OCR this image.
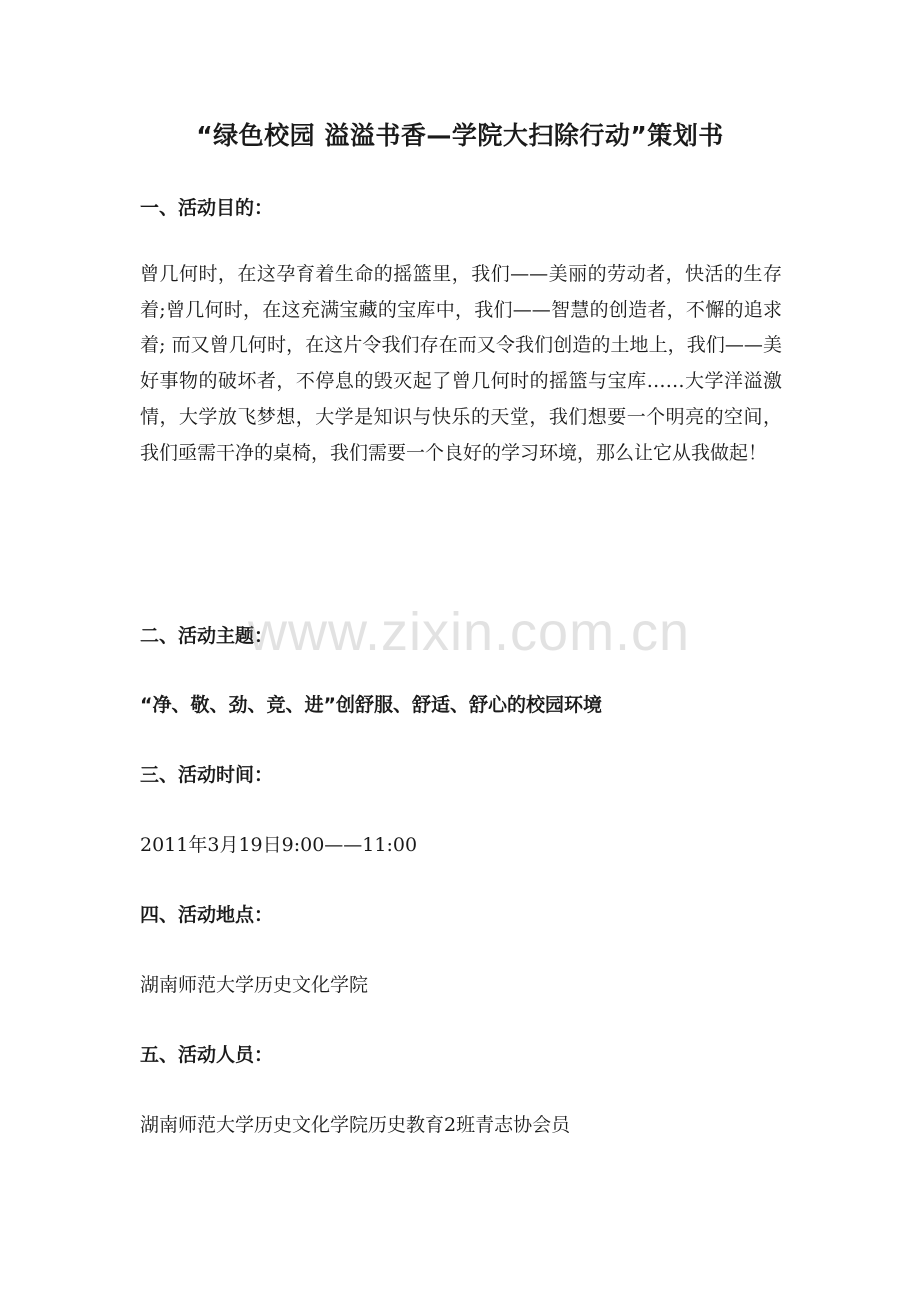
“绿色校园 溢溢书香—学院大扫除行动”策划书
一、活动目的：
曾几何时，在这孕育着生命的摇篮里，我们——美丽的劳动者，快活的生存着;曾几何时，在这充满宝藏的宝库中，我们——智慧的创造者，不懈的追求着; 而又曾几何时，在这片令我们存在而又令我们创造的土地上，我们——美好事物的破坏者，不停息的毁灭起了曾几何时的摇篮与宝库……大学洋溢激情，大学放飞梦想，大学是知识与快乐的天堂，我们想要一个明亮的空间，我们亟需干净的桌椅，我们需要一个良好的学习环境，那么让它从我做起！
二、活动主题：
“净、敬、劲、竞、进”创舒服、舒适、舒心的校园环境
三、活动时间：
2011年3月19日9:00——11:00
四、活动地点：
湖南师范大学历史文化学院
五、活动人员：
湖南师范大学历史文化学院历史教育2班青志协会员
www.zixin.com.cn
